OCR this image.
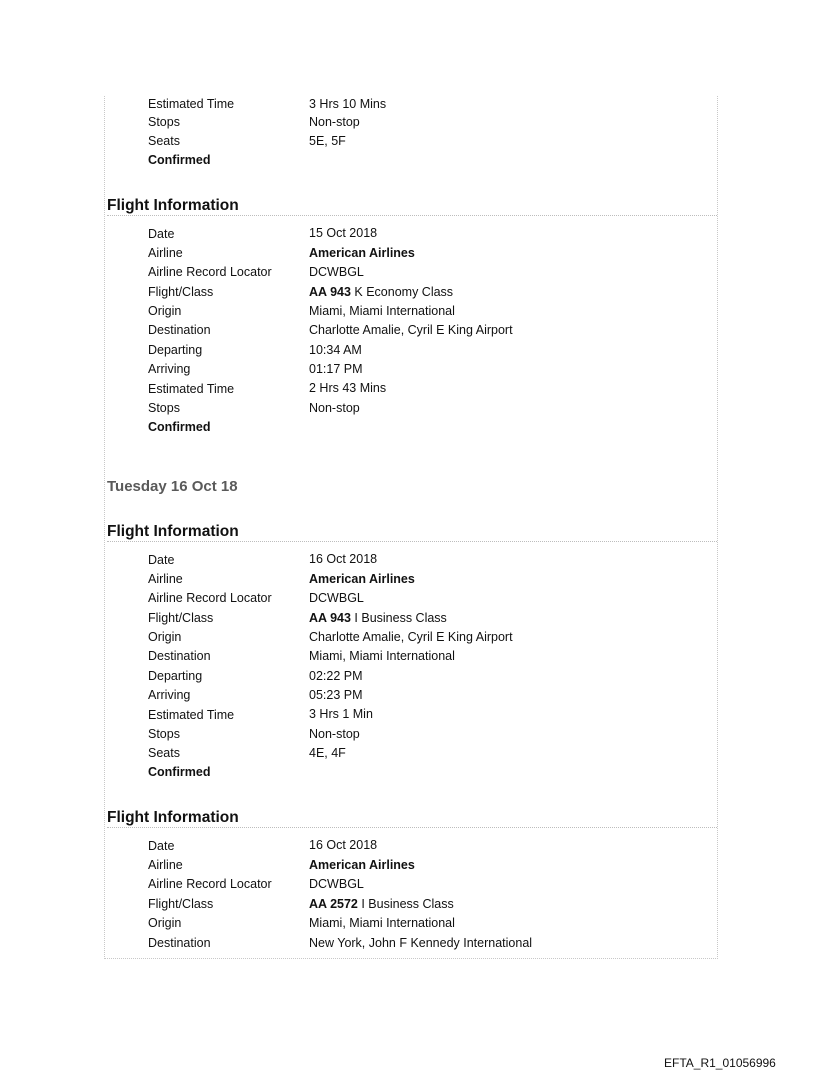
Estimated Time	3 Hrs 10 Mins
Stops	Non-stop
Seats	5E, 5F
Confirmed
Flight Information
Date	15 Oct 2018
Airline	American Airlines
Airline Record Locator	DCWBGL
Flight/Class	AA 943 K Economy Class
Origin	Miami, Miami International
Destination	Charlotte Amalie, Cyril E King Airport
Departing	10:34 AM
Arriving	01:17 PM
Estimated Time	2 Hrs 43 Mins
Stops	Non-stop
Confirmed
Tuesday 16 Oct 18
Flight Information
Date	16 Oct 2018
Airline	American Airlines
Airline Record Locator	DCWBGL
Flight/Class	AA 943 I Business Class
Origin	Charlotte Amalie, Cyril E King Airport
Destination	Miami, Miami International
Departing	02:22 PM
Arriving	05:23 PM
Estimated Time	3 Hrs 1 Min
Stops	Non-stop
Seats	4E, 4F
Confirmed
Flight Information
Date	16 Oct 2018
Airline	American Airlines
Airline Record Locator	DCWBGL
Flight/Class	AA 2572 I Business Class
Origin	Miami, Miami International
Destination	New York, John F Kennedy International
EFTA_R1_01056996
